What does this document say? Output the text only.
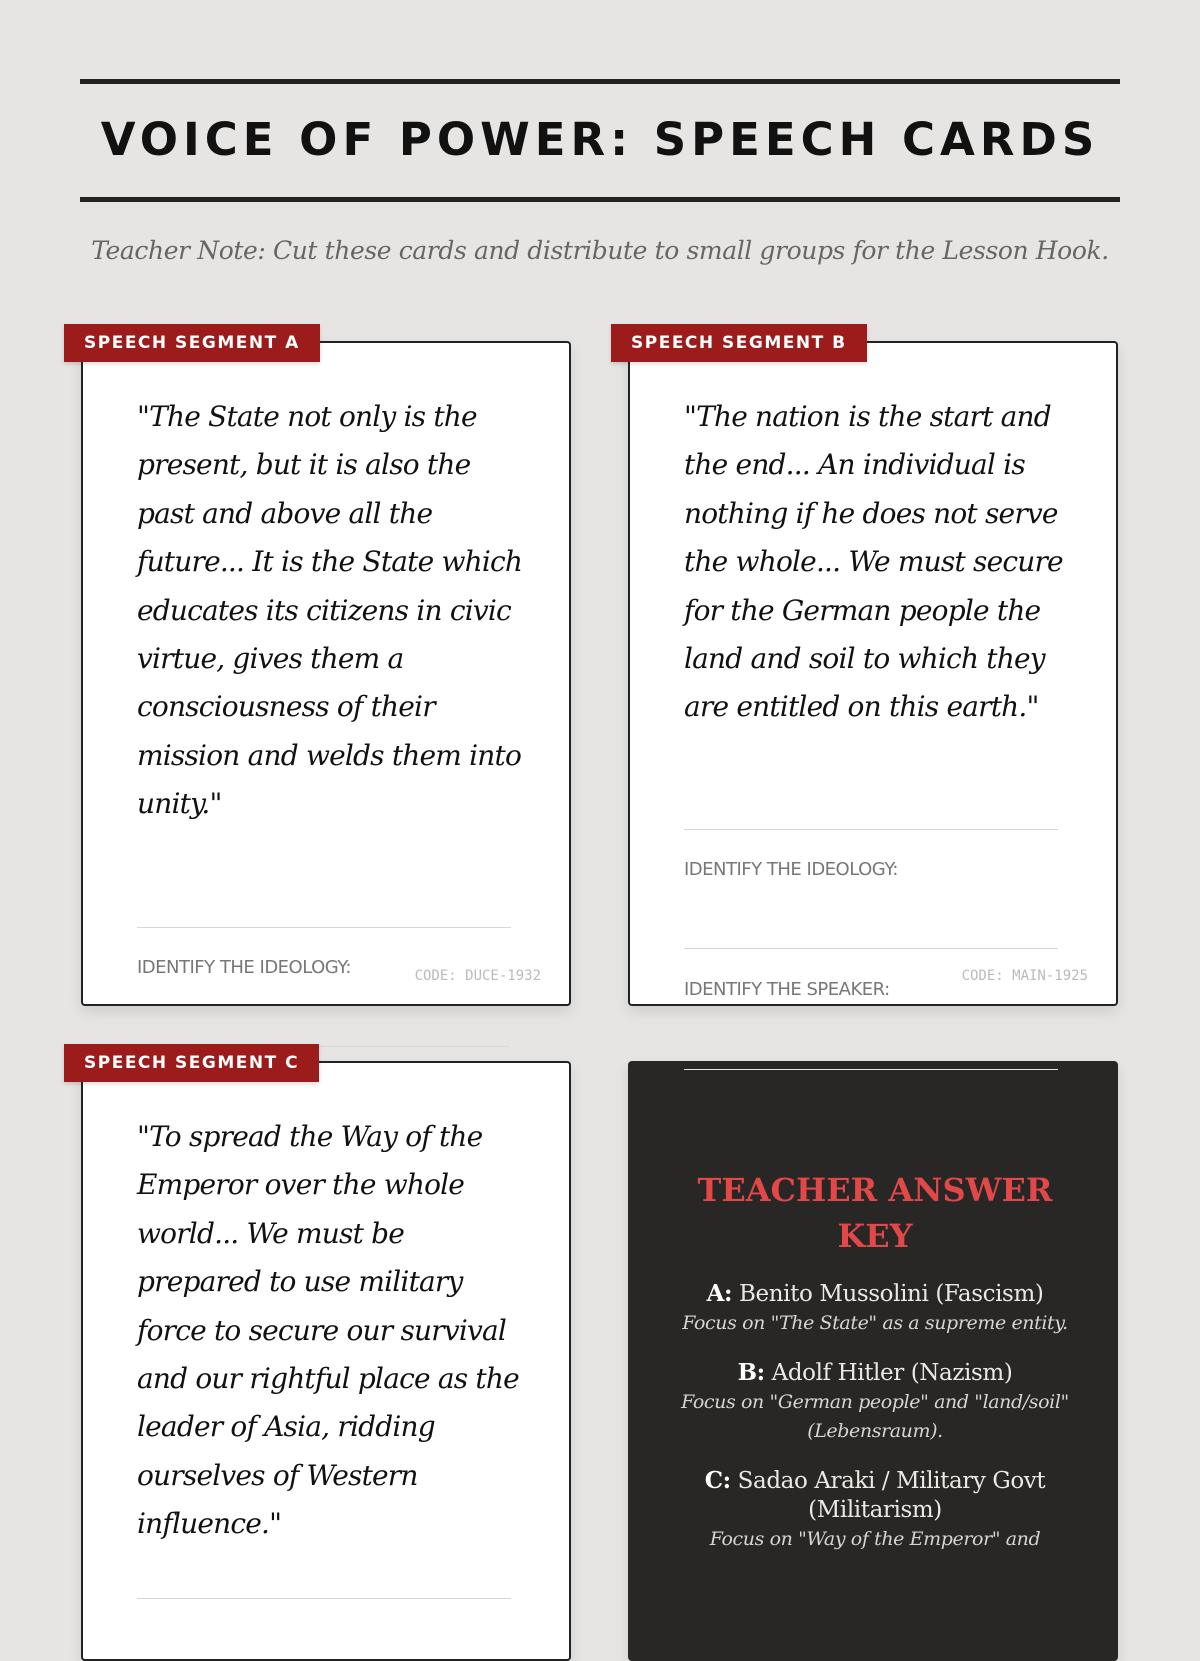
VOICE OF POWER: SPEECH CARDS
Teacher Note: Cut these cards and distribute to small groups for the Lesson Hook.
SPEECH SEGMENT A
"The State not only is the present, but it is also the past and above all the future... It is the State which educates its citizens in civic virtue, gives them a consciousness of their mission and welds them into unity."
IDENTIFY THE IDEOLOGY:	CODE: DUCE-1932
SPEECH SEGMENT B
"The nation is the start and the end... An individual is nothing if he does not serve the whole... We must secure for the German people the land and soil to which they are entitled on this earth."
IDENTIFY THE IDEOLOGY:
IDENTIFY THE SPEAKER:
CODE: MAIN-1925
SPEECH SEGMENT C
"To spread the Way of the Emperor over the whole world... We must be prepared to use military force to secure our survival and our rightful place as the leader of Asia, ridding ourselves of Western influence."
TEACHER ANSWER KEY
A: Benito Mussolini (Fascism)
Focus on "The State" as a supreme entity.
B: Adolf Hitler (Nazism)
Focus on "German people" and "land/soil" (Lebensraum).
C: Sadao Araki / Military Govt (Militarism)
Focus on "Way of the Emperor" and
